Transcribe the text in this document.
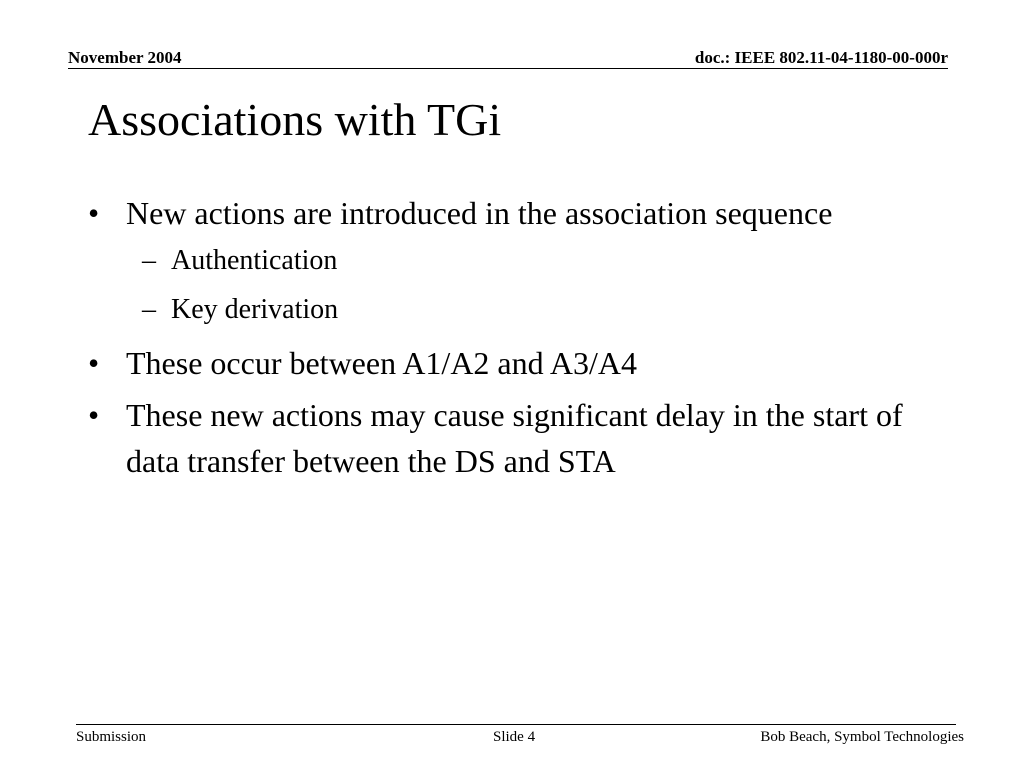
November 2004	doc.: IEEE 802.11-04-1180-00-000r
Associations with TGi
• New actions are introduced in the association sequence
– Authentication
– Key derivation
• These occur between A1/A2 and A3/A4
• These new actions may cause significant delay in the start of data transfer between the DS and STA
Submission	Slide 4	Bob Beach, Symbol Technologies
